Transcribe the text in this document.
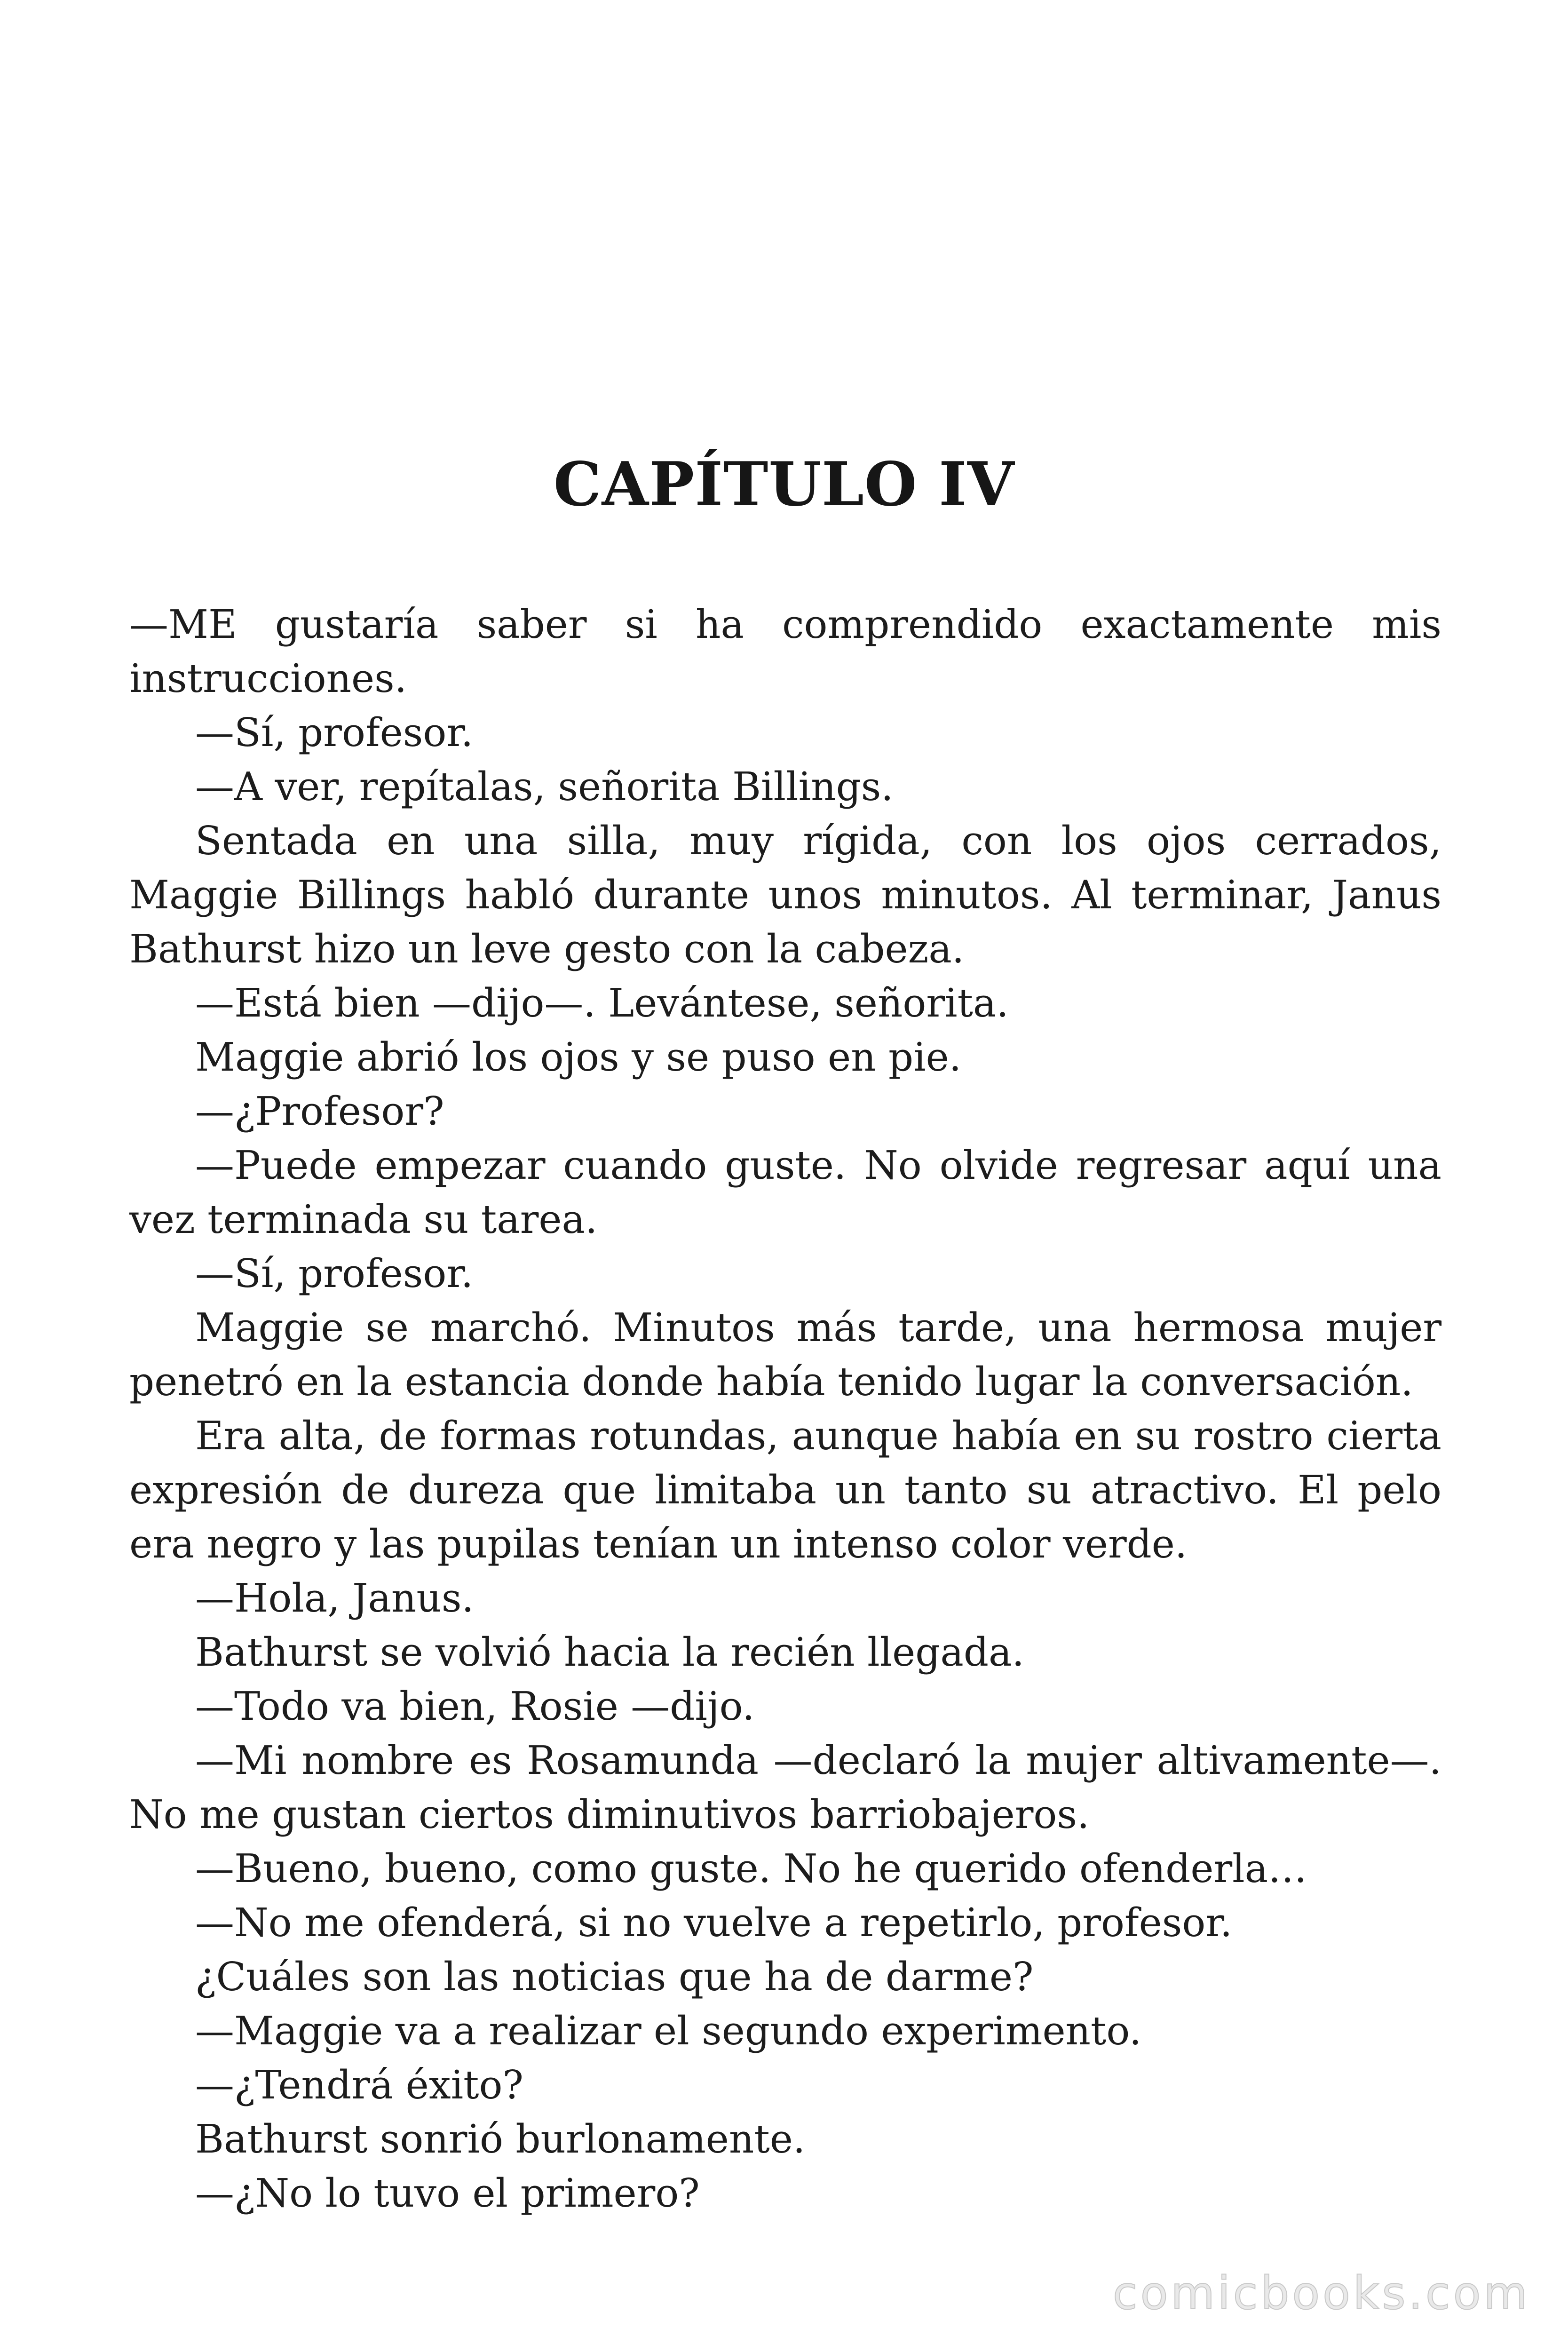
CAPÍTULO IV

—ME gustaría saber si ha comprendido exactamente mis instrucciones.

—Sí, profesor.

—A ver, repítalas, señorita Billings.

Sentada en una silla, muy rígida, con los ojos cerrados, Maggie Billings habló durante unos minutos. Al terminar, Janus Bathurst hizo un leve gesto con la cabeza.

—Está bien —dijo—. Levántese, señorita.

Maggie abrió los ojos y se puso en pie.

—¿Profesor?

—Puede empezar cuando guste. No olvide regresar aquí una vez terminada su tarea.

—Sí, profesor.

Maggie se marchó. Minutos más tarde, una hermosa mujer penetró en la estancia donde había tenido lugar la conversación.

Era alta, de formas rotundas, aunque había en su rostro cierta expresión de dureza que limitaba un tanto su atractivo. El pelo era negro y las pupilas tenían un intenso color verde.

—Hola, Janus.

Bathurst se volvió hacia la recién llegada.

—Todo va bien, Rosie —dijo.

—Mi nombre es Rosamunda —declaró la mujer altivamente—. No me gustan ciertos diminutivos barriobajeros.

—Bueno, bueno, como guste. No he querido ofenderla…

—No me ofenderá, si no vuelve a repetirlo, profesor.

¿Cuáles son las noticias que ha de darme?

—Maggie va a realizar el segundo experimento.

—¿Tendrá éxito?

Bathurst sonrió burlonamente.

—¿No lo tuvo el primero?

comicbooks.com
